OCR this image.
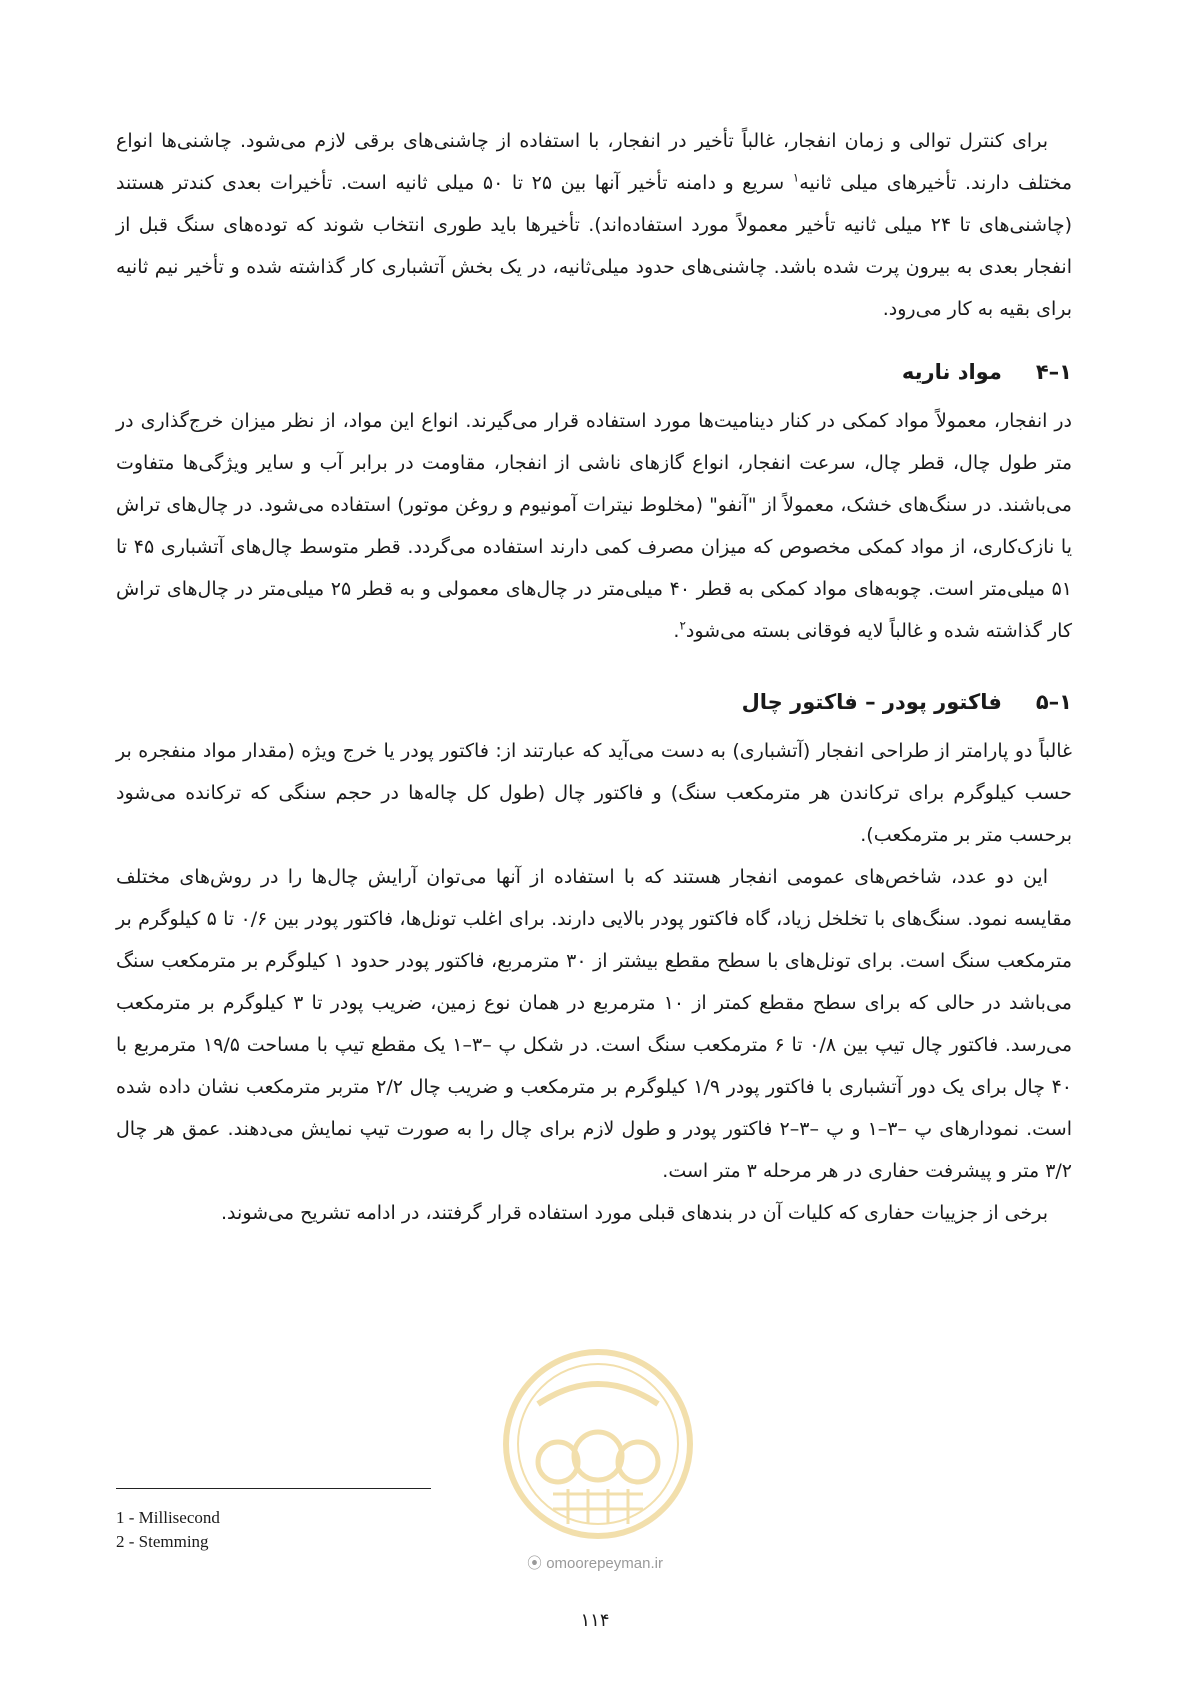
برای کنترل توالی و زمان انفجار، غالباً تأخیر در انفجار، با استفاده از چاشنی‌های برقی لازم می‌شود. چاشنی‌ها انواع مختلف دارند. تأخیرهای میلی ثانیه$^۱$ سریع و دامنه تأخیر آنها بین ۲۵ تا ۵۰ میلی ثانیه است. تأخیرات بعدی کندتر هستند (چاشنی‌های تا ۲۴ میلی ثانیه تأخیر معمولاً مورد استفاده‌اند). تأخیرها باید طوری انتخاب شوند که توده‌های سنگ قبل از انفجار بعدی به بیرون پرت شده باشد. چاشنی‌های حدود میلی‌ثانیه، در یک بخش آتشباری کار گذاشته شده و تأخیر نیم ثانیه برای بقیه به کار می‌رود.

۱–۴مواد ناریه

در انفجار، معمولاً مواد کمکی در کنار دینامیت‌ها مورد استفاده قرار می‌گیرند. انواع این مواد، از نظر میزان خرج‌گذاری در متر طول چال، قطر چال، سرعت انفجار، انواع گازهای ناشی از انفجار، مقاومت در برابر آب و سایر ویژگی‌ها متفاوت می‌باشند. در سنگ‌های خشک، معمولاً از "آنفو" (مخلوط نیترات آمونیوم و روغن موتور) استفاده می‌شود. در چال‌های تراش یا نازک‌کاری، از مواد کمکی مخصوص که میزان مصرف کمی دارند استفاده می‌گردد. قطر متوسط چال‌های آتشباری ۴۵ تا ۵۱ میلی‌متر است. چوبه‌های مواد کمکی به قطر ۴۰ میلی‌متر در چال‌های معمولی و به قطر ۲۵ میلی‌متر در چال‌های تراش کار گذاشته شده و غالباً لایه فوقانی بسته می‌شود$^۲$.

۱–۵فاکتور پودر – فاکتور چال

غالباً دو پارامتر از طراحی انفجار (آتشباری) به دست می‌آید که عبارتند از: فاکتور پودر یا خرج ویژه (مقدار مواد منفجره بر حسب کیلوگرم برای ترکاندن هر مترمکعب سنگ) و فاکتور چال (طول کل چاله‌ها در حجم سنگی که ترکانده می‌شود برحسب متر بر مترمکعب).

این دو عدد، شاخص‌های عمومی انفجار هستند که با استفاده از آنها می‌توان آرایش چال‌ها را در روش‌های مختلف مقایسه نمود. سنگ‌های با تخلخل زیاد، گاه فاکتور پودر بالایی دارند. برای اغلب تونل‌ها، فاکتور پودر بین ۰/۶ تا ۵ کیلوگرم بر مترمکعب سنگ است. برای تونل‌های با سطح مقطع بیشتر از ۳۰ مترمربع، فاکتور پودر حدود ۱ کیلوگرم بر مترمکعب سنگ می‌باشد در حالی که برای سطح مقطع کمتر از ۱۰ مترمربع در همان نوع زمین، ضریب پودر تا ۳ کیلوگرم بر مترمکعب می‌رسد. فاکتور چال تیپ بین ۰/۸ تا ۶ مترمکعب سنگ است. در شکل پ –۳–۱ یک مقطع تیپ با مساحت ۱۹/۵ مترمربع با ۴۰ چال برای یک دور آتشباری با فاکتور پودر ۱/۹ کیلوگرم بر مترمکعب و ضریب چال ۲/۲ متربر مترمکعب نشان داده شده است. نمودارهای پ –۳–۱ و پ –۳–۲ فاکتور پودر و طول لازم برای چال را به صورت تیپ نمایش می‌دهند. عمق هر چال ۳/۲ متر و پیشرفت حفاری در هر مرحله ۳ متر است.

برخی از جزییات حفاری که کلیات آن در بندهای قبلی مورد استفاده قرار گرفتند، در ادامه تشریح می‌شوند.

⦿ omoorepeyman.ir
1 - Millisecond
2 - Stemming
۱۱۴
